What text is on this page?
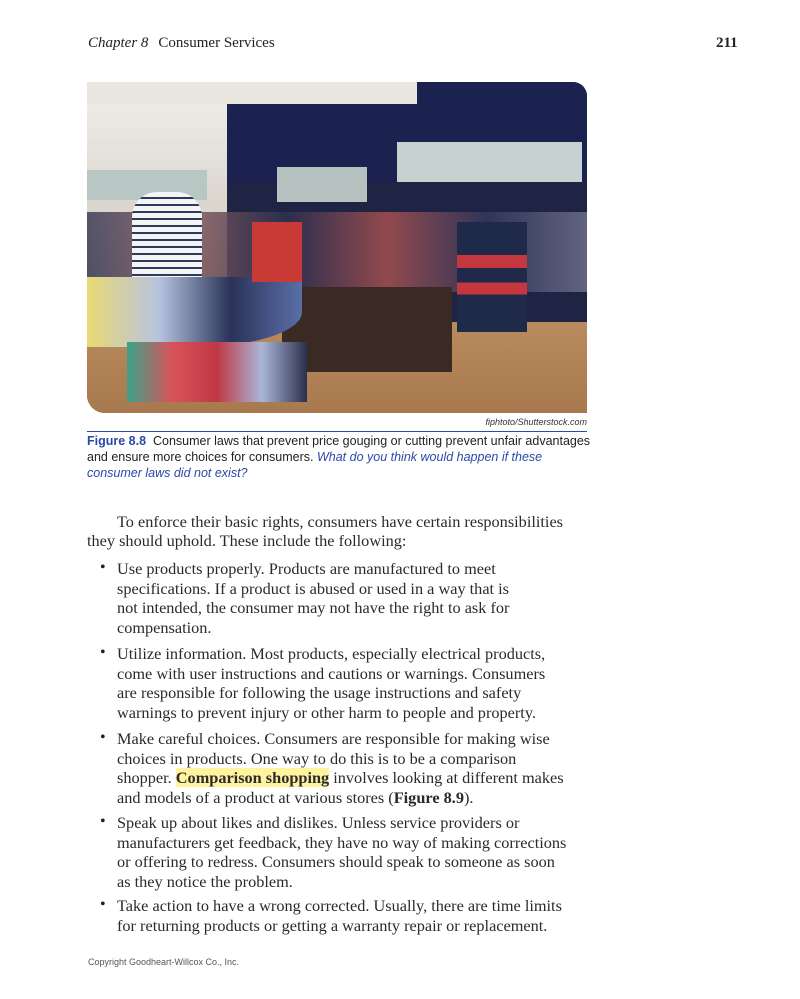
Chapter 8 Consumer Services	211
fiphtoto/Shutterstock.com
Figure 8.8 Consumer laws that prevent price gouging or cutting prevent unfair advantages and ensure more choices for consumers. What do you think would happen if these consumer laws did not exist?
To enforce their basic rights, consumers have certain responsibilities
they should uphold. These include the following:
• Use products properly. Products are manufactured to meet
specifications. If a product is abused or used in a way that is
not intended, the consumer may not have the right to ask for
compensation.
• Utilize information. Most products, especially electrical products,
come with user instructions and cautions or warnings. Consumers
are responsible for following the usage instructions and safety
warnings to prevent injury or other harm to people and property.
• Make careful choices. Consumers are responsible for making wise
choices in products. One way to do this is to be a comparison
shopper. Comparison shopping involves looking at different makes
and models of a product at various stores (Figure 8.9).
• Speak up about likes and dislikes. Unless service providers or
manufacturers get feedback, they have no way of making corrections
or offering to redress. Consumers should speak to someone as soon
as they notice the problem.
• Take action to have a wrong corrected. Usually, there are time limits
for returning products or getting a warranty repair or replacement.
Copyright Goodheart-Willcox Co., Inc.
